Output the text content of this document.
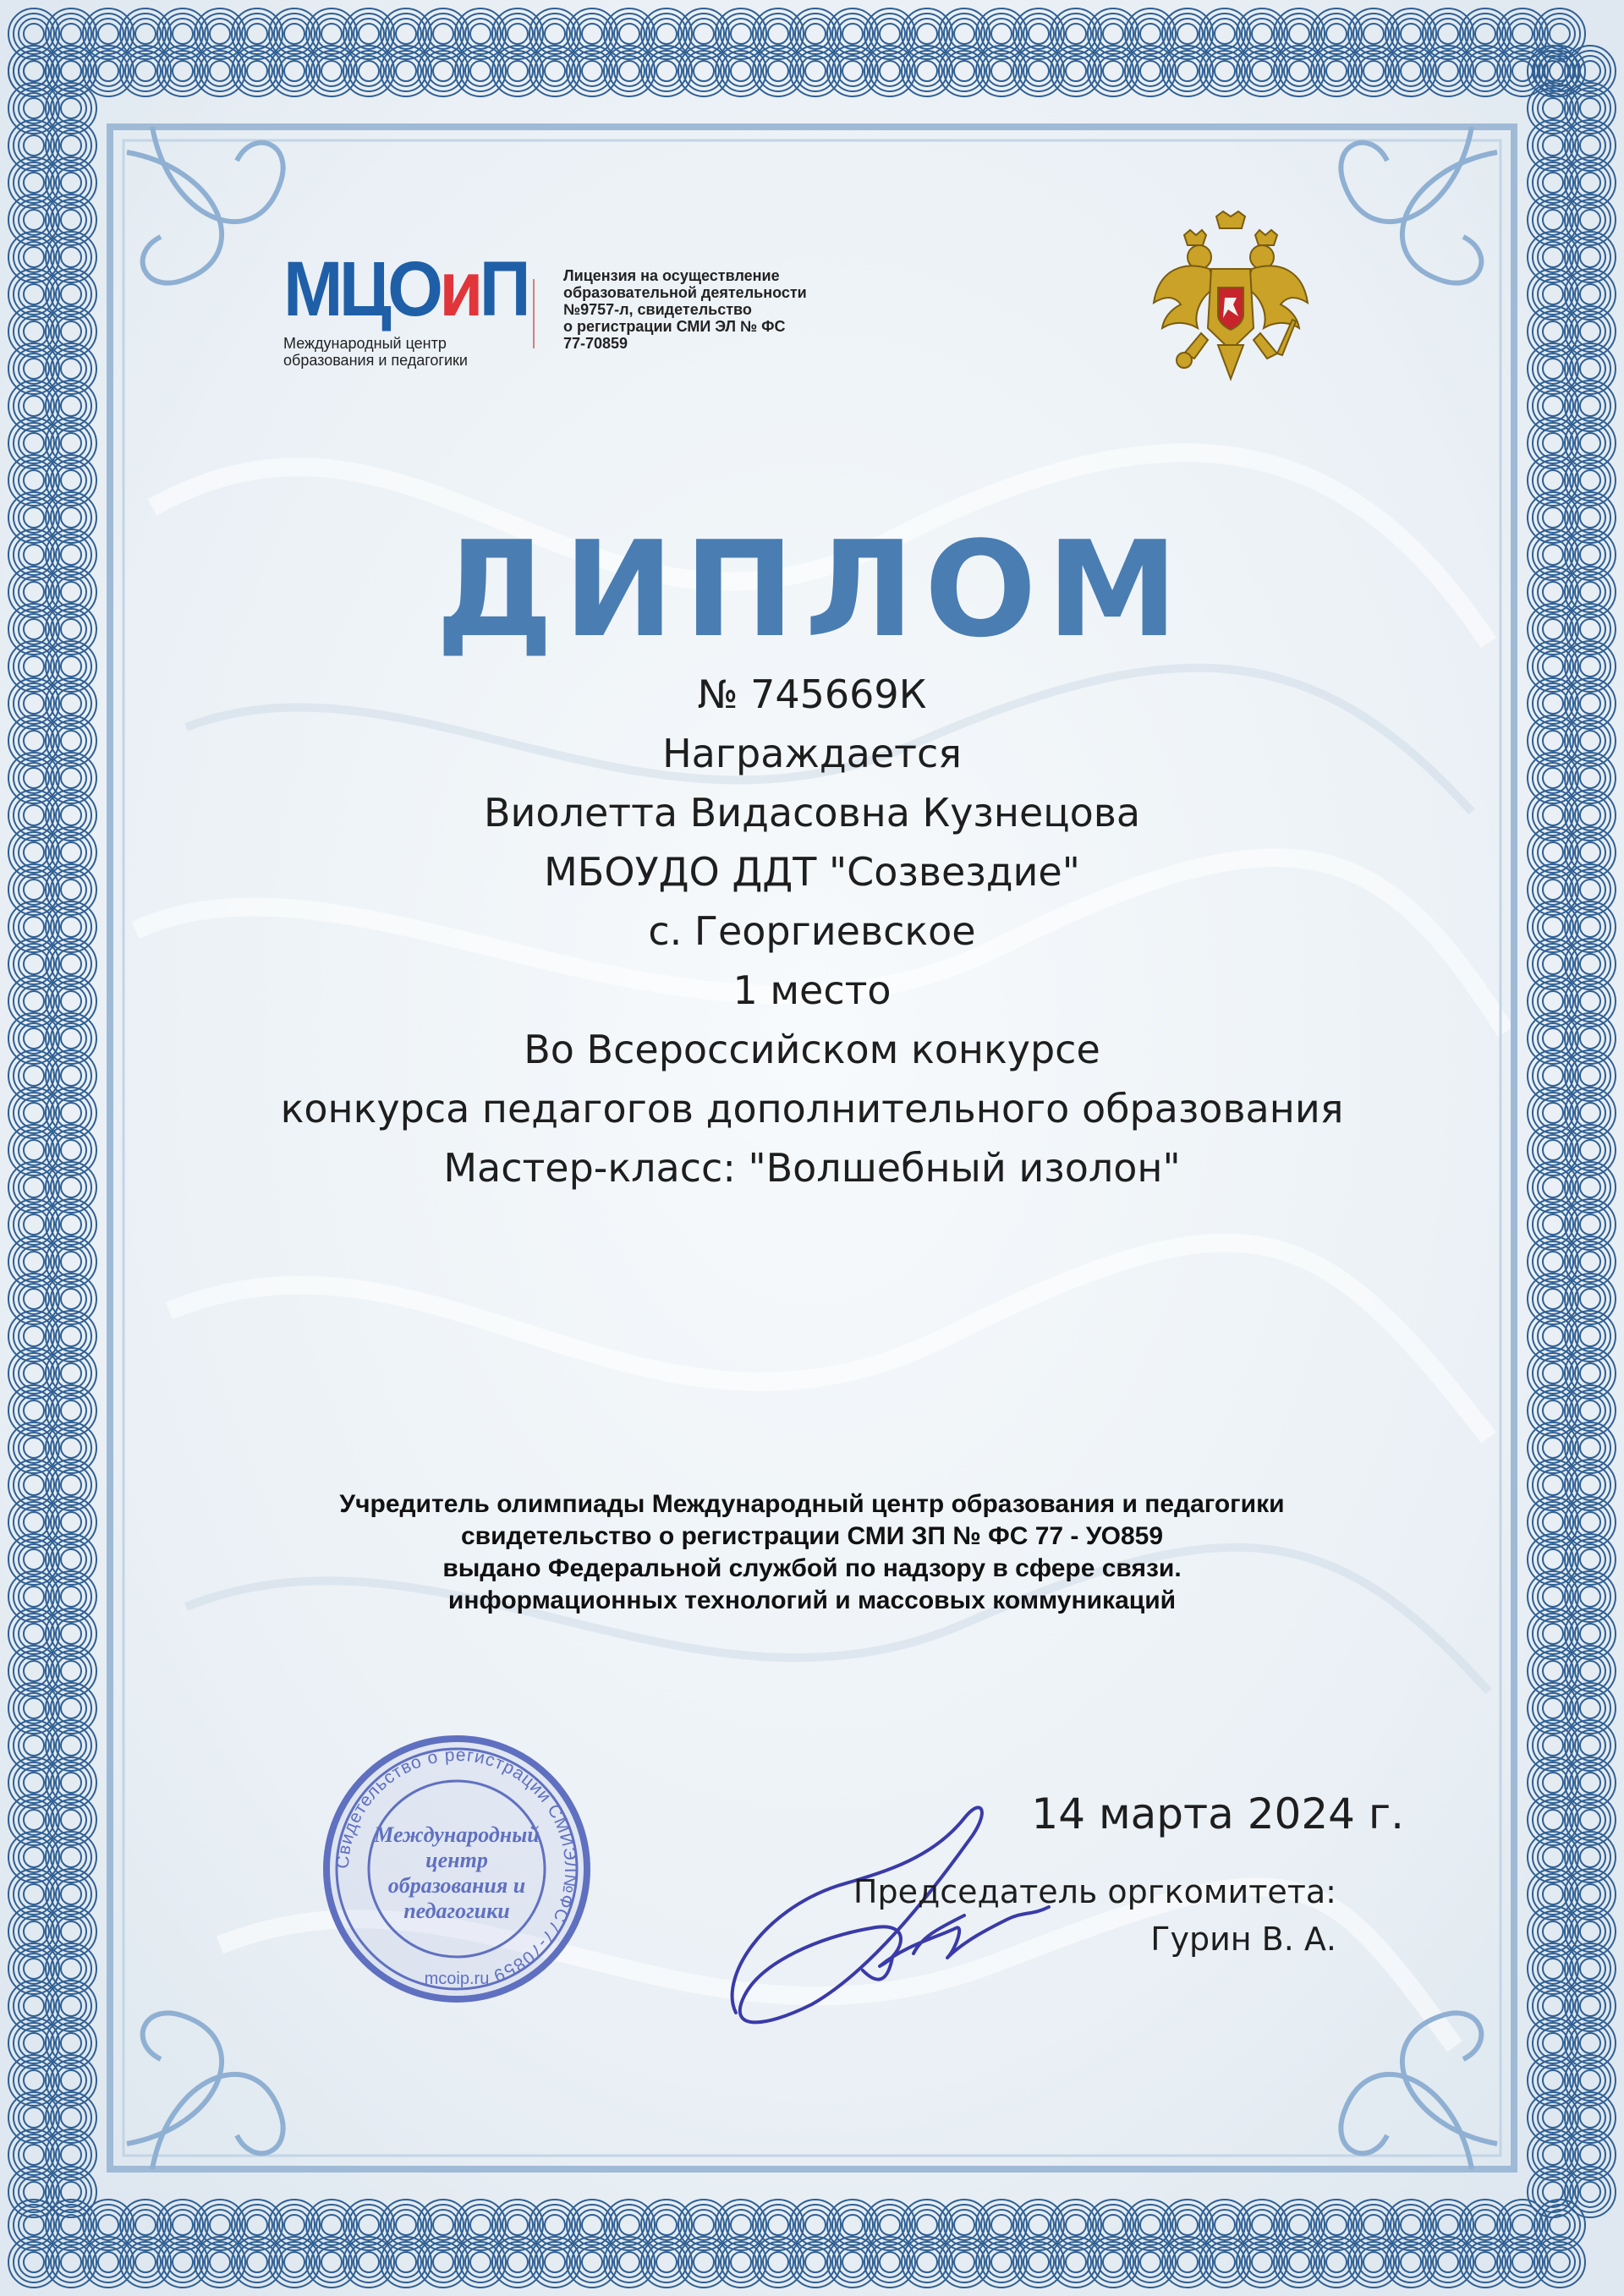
МЦОиП
Международный центр
образования и педагогики
Лицензия на осуществление
образовательной деятельности
№9757-л, свидетельство
о регистрации СМИ ЭЛ № ФС
77-70859
ДИПЛОМ
№ 745669К
Награждается
Виолетта Видасовна Кузнецова
МБОУДО ДДТ "Созвездие"
с. Георгиевское
1 место
Во Всероссийском конкурсе
конкурса педагогов дополнительного образования
Мастер-класс: "Волшебный изолон"
Учредитель олимпиады Международный центр образования и педагогики
свидетельство о регистрации СМИ ЗП № ФС 77 - УО859
выдано Федеральной службой по надзору в сфере связи.
информационных технологий и массовых коммуникаций
Свидетельство о регистрации СМИЭЛ№ФС77-70859
mcoip.ru
Международный
центр
образования и
педагогики
14 марта 2024 г.
Председатель оргкомитета:
Гурин В. А.
